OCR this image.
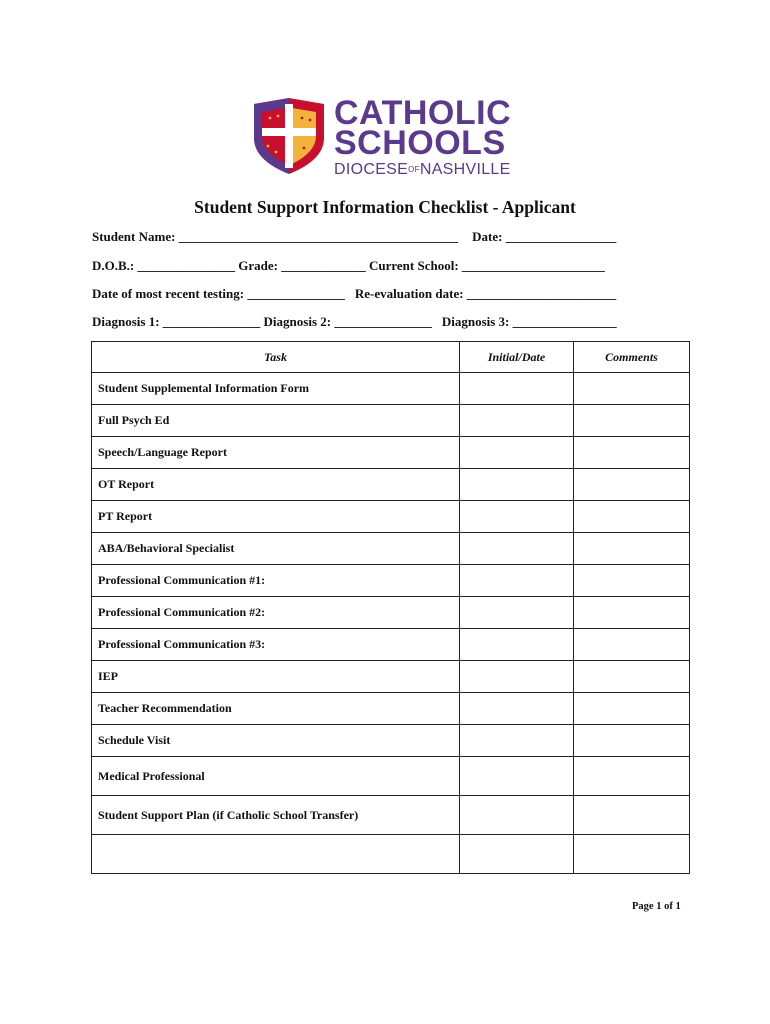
CATHOLIC
SCHOOLS
DIOCESEOFNASHVILLE
Student Support Information Checklist - Applicant
Student Name: ___________________________________________ Date: _________________
D.O.B.: _______________ Grade: _____________ Current School: ______________________
Date of most recent testing: _______________ Re-evaluation date: _______________________
Diagnosis 1: _______________ Diagnosis 2: _______________ Diagnosis 3: ________________
Task	Initial/Date	Comments
Student Supplemental Information Form		
Full Psych Ed		
Speech/Language Report		
OT Report		
PT Report		
ABA/Behavioral Specialist		
Professional Communication #1:		
Professional Communication #2:		
Professional Communication #3:		
IEP		
Teacher Recommendation		
Schedule Visit		
Medical Professional		
Student Support Plan (if Catholic School Transfer)		

Page 1 of 1
